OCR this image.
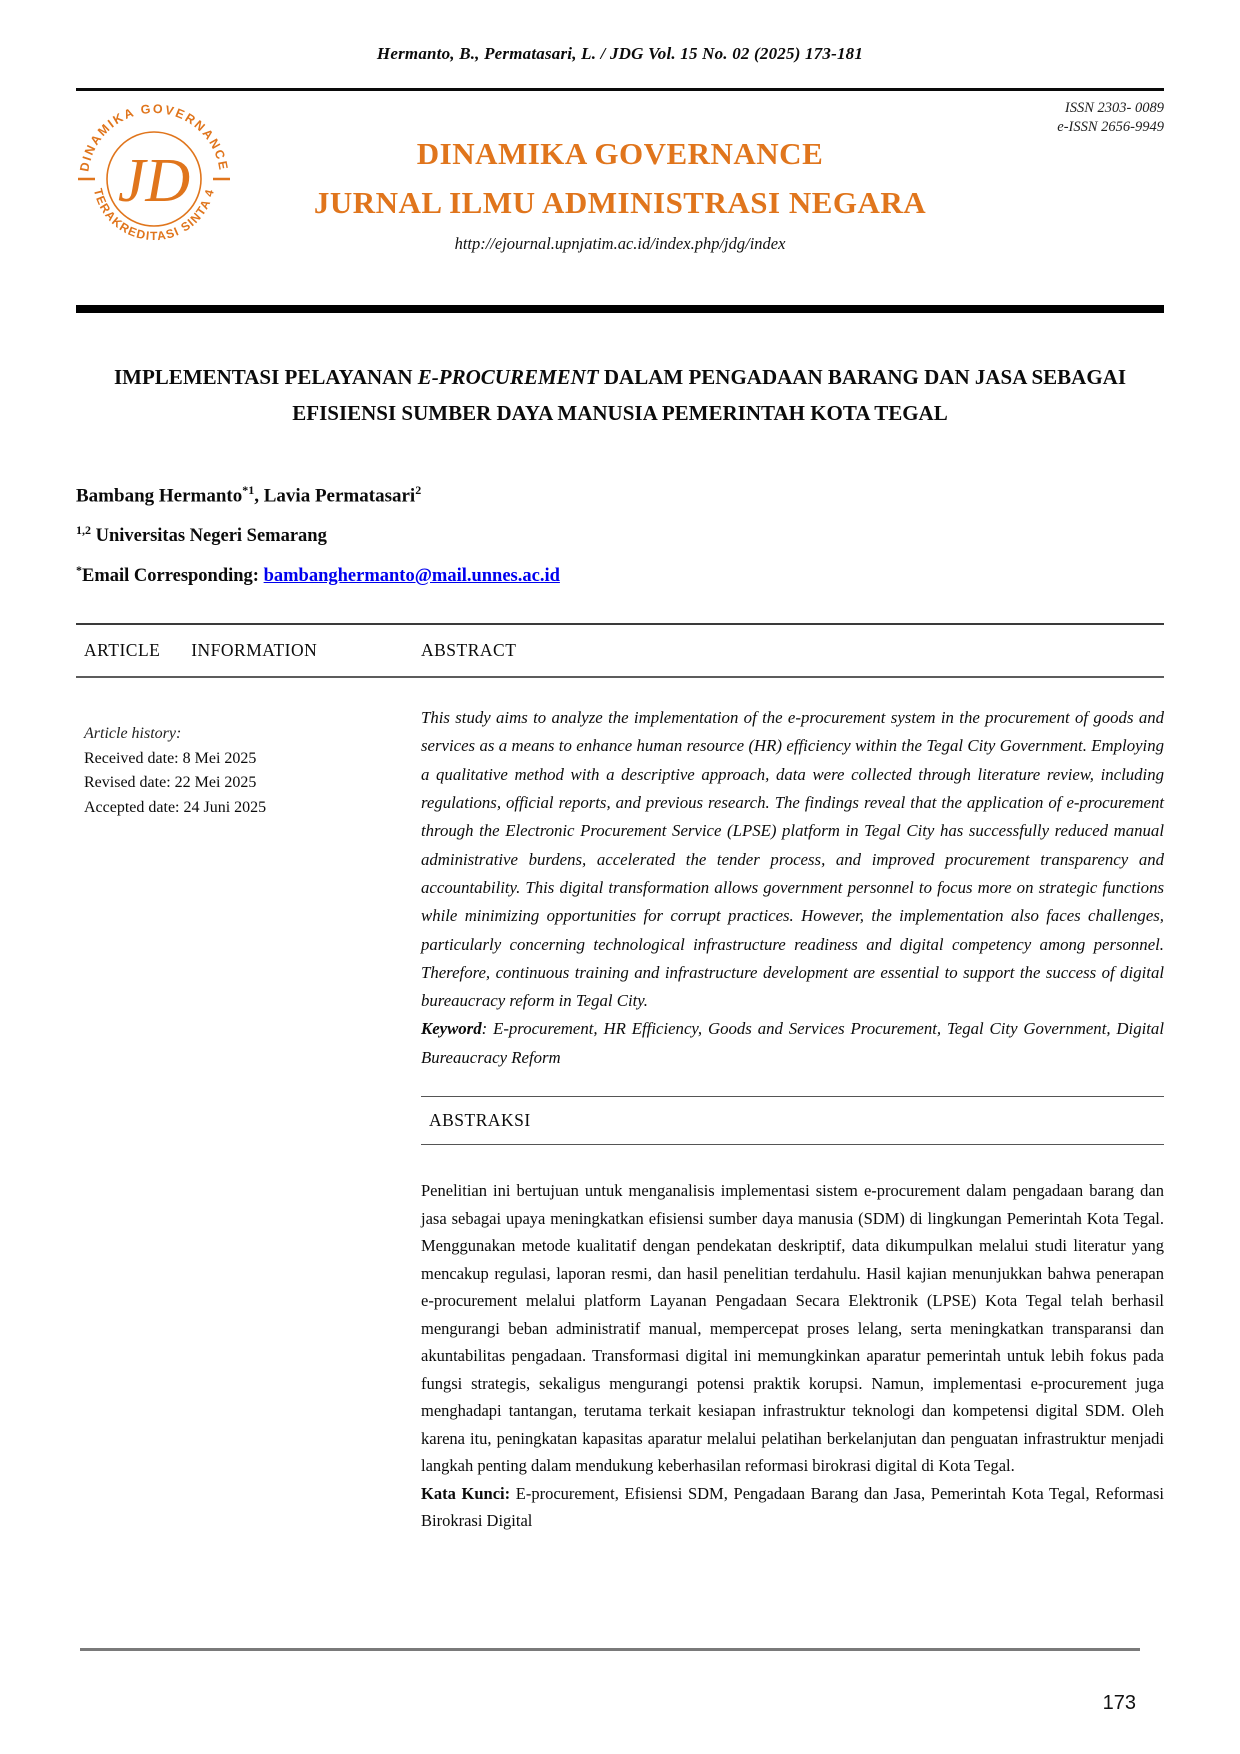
Hermanto, B., Permatasari, L. / JDG Vol. 15 No. 02 (2025) 173-181
DINAMIKA GOVERNANCE
TERAKREDITASI SINTA 4
JD
ISSN 2303- 0089
e-ISSN 2656-9949
DINAMIKA GOVERNANCE
JURNAL ILMU ADMINISTRASI NEGARA
http://ejournal.upnjatim.ac.id/index.php/jdg/index
IMPLEMENTASI PELAYANAN E-PROCUREMENT DALAM PENGADAAN BARANG DAN JASA SEBAGAI EFISIENSI SUMBER DAYA MANUSIA PEMERINTAH KOTA TEGAL
Bambang Hermanto$^{*1}$, Lavia Permatasari$^2$
$^{1,2}$ Universitas Negeri Semarang
*Email Corresponding: bambanghermanto@mail.unnes.ac.id
ARTICLE INFORMATION	ABSTRACT
Article history:
Received date: 8 Mei 2025
Revised date: 22 Mei 2025
Accepted date: 24 Juni 2025

This study aims to analyze the implementation of the e-procurement system in the procurement of goods and services as a means to enhance human resource (HR) efficiency within the Tegal City Government. Employing a qualitative method with a descriptive approach, data were collected through literature review, including regulations, official reports, and previous research. The findings reveal that the application of e-procurement through the Electronic Procurement Service (LPSE) platform in Tegal City has successfully reduced manual administrative burdens, accelerated the tender process, and improved procurement transparency and accountability. This digital transformation allows government personnel to focus more on strategic functions while minimizing opportunities for corrupt practices. However, the implementation also faces challenges, particularly concerning technological infrastructure readiness and digital competency among personnel. Therefore, continuous training and infrastructure development are essential to support the success of digital bureaucracy reform in Tegal City.

Keyword: E-procurement, HR Efficiency, Goods and Services Procurement, Tegal City Government, Digital Bureaucracy Reform

ABSTRAKSI

Penelitian ini bertujuan untuk menganalisis implementasi sistem e-procurement dalam pengadaan barang dan jasa sebagai upaya meningkatkan efisiensi sumber daya manusia (SDM) di lingkungan Pemerintah Kota Tegal. Menggunakan metode kualitatif dengan pendekatan deskriptif, data dikumpulkan melalui studi literatur yang mencakup regulasi, laporan resmi, dan hasil penelitian terdahulu. Hasil kajian menunjukkan bahwa penerapan e-procurement melalui platform Layanan Pengadaan Secara Elektronik (LPSE) Kota Tegal telah berhasil mengurangi beban administratif manual, mempercepat proses lelang, serta meningkatkan transparansi dan akuntabilitas pengadaan. Transformasi digital ini memungkinkan aparatur pemerintah untuk lebih fokus pada fungsi strategis, sekaligus mengurangi potensi praktik korupsi. Namun, implementasi e-procurement juga menghadapi tantangan, terutama terkait kesiapan infrastruktur teknologi dan kompetensi digital SDM. Oleh karena itu, peningkatan kapasitas aparatur melalui pelatihan berkelanjutan dan penguatan infrastruktur menjadi langkah penting dalam mendukung keberhasilan reformasi birokrasi digital di Kota Tegal.

Kata Kunci: E-procurement, Efisiensi SDM, Pengadaan Barang dan Jasa, Pemerintah Kota Tegal, Reformasi Birokrasi Digital

173
